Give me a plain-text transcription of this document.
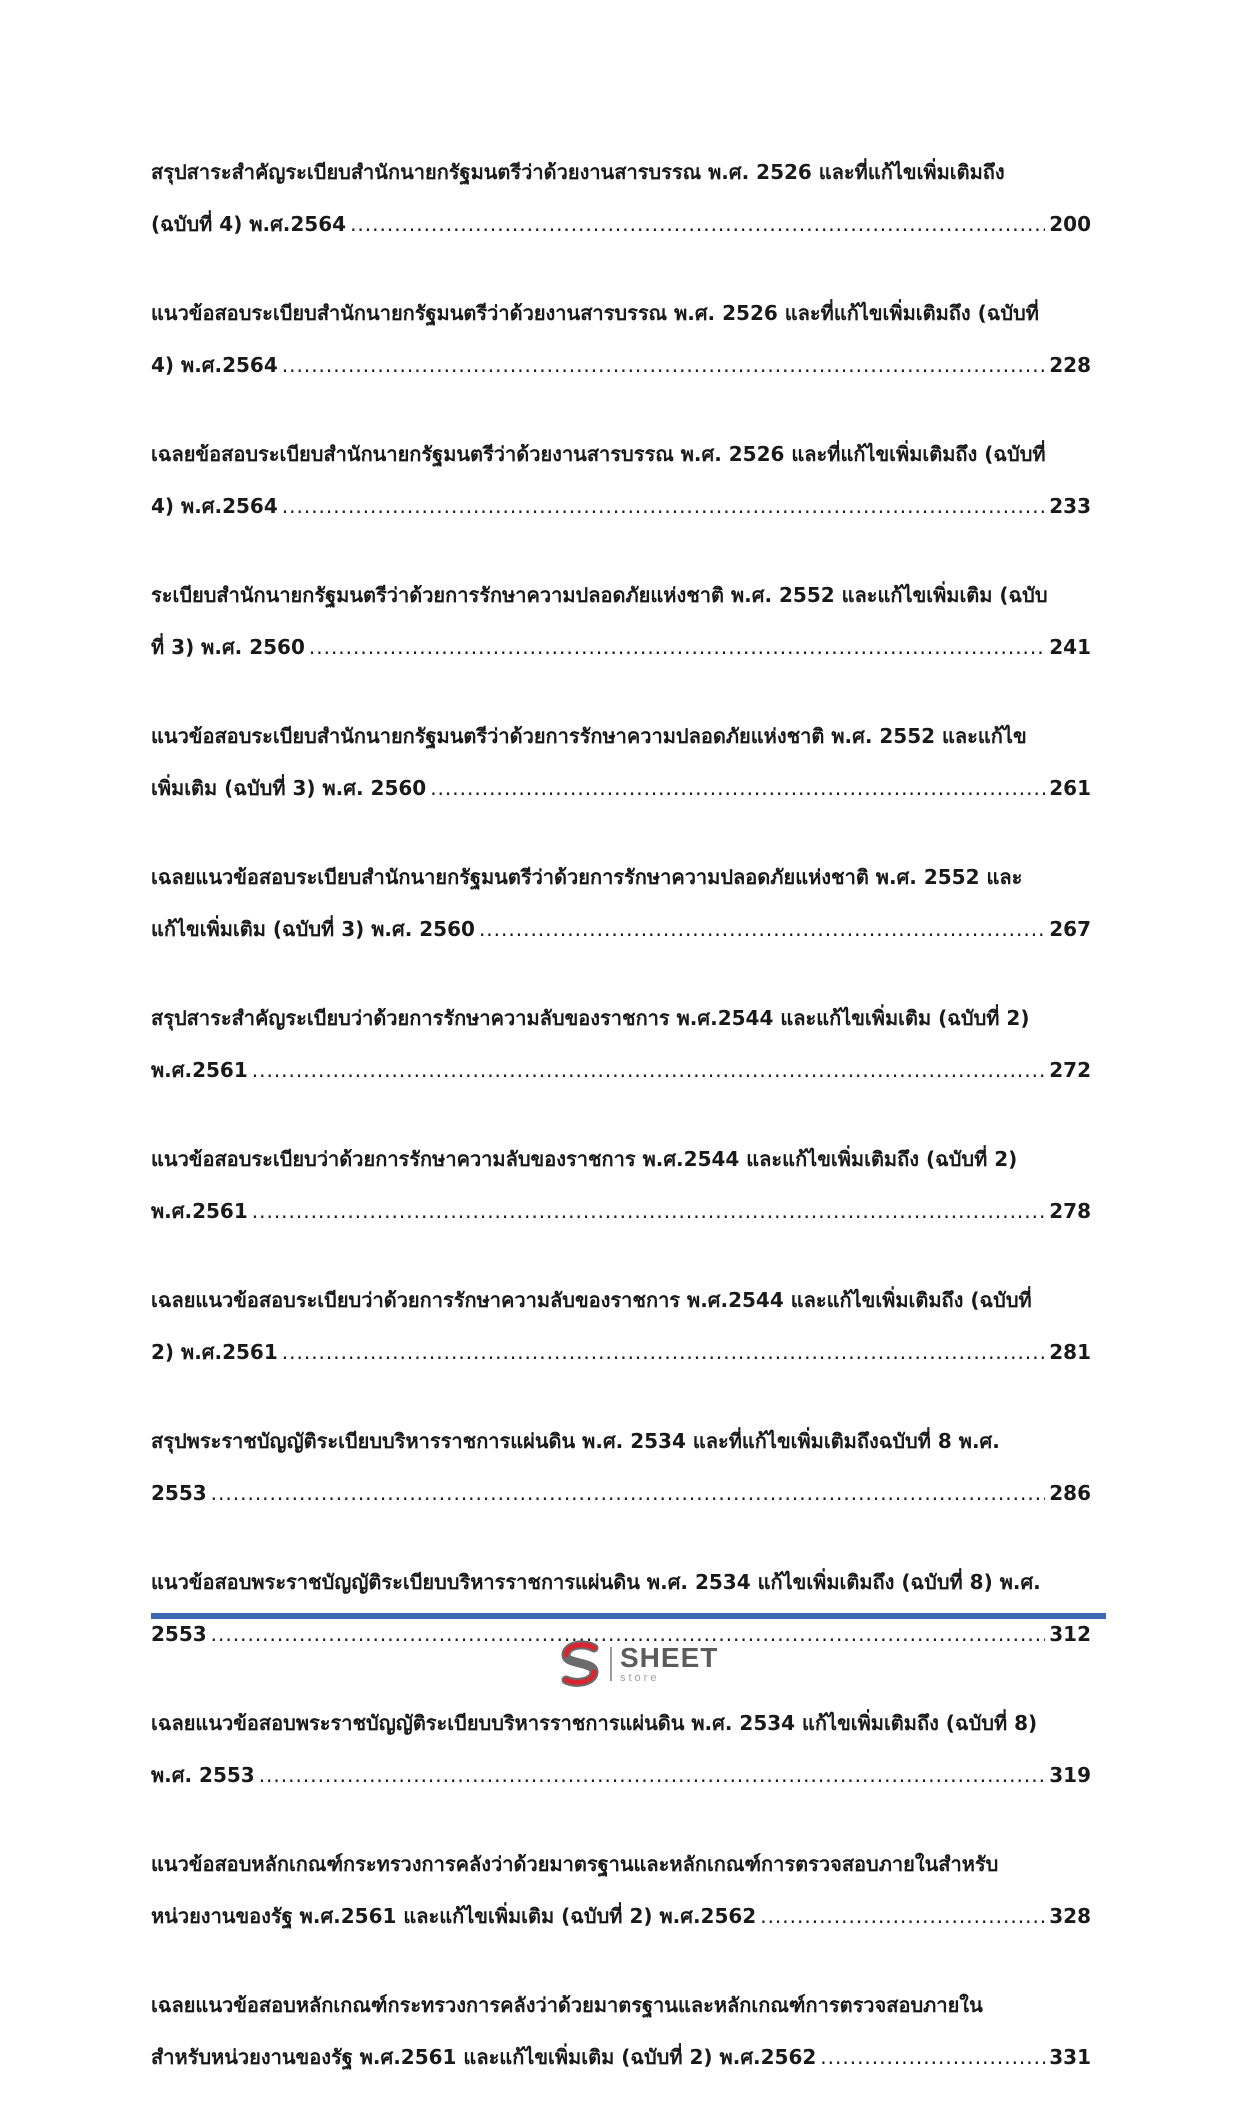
สรุปสาระสำคัญระเบียบสำนักนายกรัฐมนตรีว่าด้วยงานสารบรรณ พ.ศ. 2526 และที่แก้ไขเพิ่มเติมถึง
(ฉบับที่ 4) พ.ศ.2564 .....	200
แนวข้อสอบระเบียบสำนักนายกรัฐมนตรีว่าด้วยงานสารบรรณ พ.ศ. 2526 และที่แก้ไขเพิ่มเติมถึง (ฉบับที่
4) พ.ศ.2564 .....	228
เฉลยข้อสอบระเบียบสำนักนายกรัฐมนตรีว่าด้วยงานสารบรรณ พ.ศ. 2526 และที่แก้ไขเพิ่มเติมถึง (ฉบับที่
4) พ.ศ.2564 .....	233
ระเบียบสำนักนายกรัฐมนตรีว่าด้วยการรักษาความปลอดภัยแห่งชาติ พ.ศ. 2552 และแก้ไขเพิ่มเติม (ฉบับ
ที่ 3) พ.ศ. 2560 .....	241
แนวข้อสอบระเบียบสำนักนายกรัฐมนตรีว่าด้วยการรักษาความปลอดภัยแห่งชาติ พ.ศ. 2552 และแก้ไข
เพิ่มเติม (ฉบับที่ 3) พ.ศ. 2560 .....	261
เฉลยแนวข้อสอบระเบียบสำนักนายกรัฐมนตรีว่าด้วยการรักษาความปลอดภัยแห่งชาติ พ.ศ. 2552 และ
แก้ไขเพิ่มเติม (ฉบับที่ 3) พ.ศ. 2560 .....	267
สรุปสาระสำคัญระเบียบว่าด้วยการรักษาความลับของราชการ พ.ศ.2544 และแก้ไขเพิ่มเติม (ฉบับที่ 2)
พ.ศ.2561 .....	272
แนวข้อสอบระเบียบว่าด้วยการรักษาความลับของราชการ พ.ศ.2544 และแก้ไขเพิ่มเติมถึง (ฉบับที่ 2)
พ.ศ.2561 .....	278
เฉลยแนวข้อสอบระเบียบว่าด้วยการรักษาความลับของราชการ พ.ศ.2544 และแก้ไขเพิ่มเติมถึง (ฉบับที่
2) พ.ศ.2561 .....	281
สรุปพระราชบัญญัติระเบียบบริหารราชการแผ่นดิน พ.ศ. 2534 และที่แก้ไขเพิ่มเติมถึงฉบับที่ 8 พ.ศ.
2553 .....	286
แนวข้อสอบพระราชบัญญัติระเบียบบริหารราชการแผ่นดิน พ.ศ. 2534 แก้ไขเพิ่มเติมถึง (ฉบับที่ 8) พ.ศ.
2553 .....	312
เฉลยแนวข้อสอบพระราชบัญญัติระเบียบบริหารราชการแผ่นดิน พ.ศ. 2534 แก้ไขเพิ่มเติมถึง (ฉบับที่ 8)
พ.ศ. 2553 .....	319
แนวข้อสอบหลักเกณฑ์กระทรวงการคลังว่าด้วยมาตรฐานและหลักเกณฑ์การตรวจสอบภายในสำหรับ
หน่วยงานของรัฐ พ.ศ.2561 และแก้ไขเพิ่มเติม (ฉบับที่ 2) พ.ศ.2562 .....	328
เฉลยแนวข้อสอบหลักเกณฑ์กระทรวงการคลังว่าด้วยมาตรฐานและหลักเกณฑ์การตรวจสอบภายใน
สำหรับหน่วยงานของรัฐ พ.ศ.2561 และแก้ไขเพิ่มเติม (ฉบับที่ 2) พ.ศ.2562 .....	331
SHEET
store
